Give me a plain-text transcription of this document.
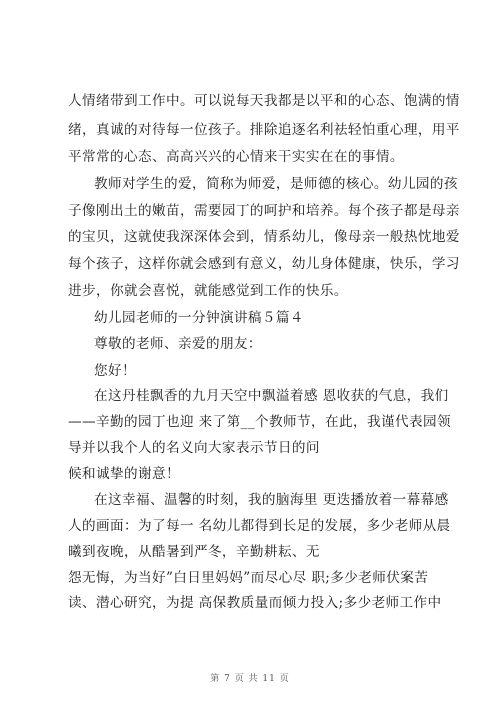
人情绪带到工作中。可以说每天我都是以平和的心态、饱满的情
绪，真诚的对待每一位孩子。排除追逐名利祛轻怕重心理，用平
平常常的心态、高高兴兴的心情来干实实在在的事情。
教师对学生的爱，简称为师爱，是师德的核心。幼儿园的孩
子像刚出土的嫩苗，需要园丁的呵护和培养。每个孩子都是母亲
的宝贝，这就使我深深体会到，情系幼儿，像母亲一般热忱地爱
每个孩子，这样你就会感到有意义，幼儿身体健康，快乐，学习
进步，你就会喜悦，就能感觉到工作的快乐。
幼儿园老师的一分钟演讲稿５篇４
尊敬的老师、亲爱的朋友：
您好！
在这丹桂飘香的九月天空中飘溢着感 恩收获的气息，我们
——辛勤的园丁也迎 来了第__个教师节，在此，我谨代表园领
导并以我个人的名义向大家表示节日的问
候和诚挚的谢意！
在这幸福、温馨的时刻，我的脑海里 更迭播放着一幕幕感
人的画面：为了每一 名幼儿都得到长足的发展，多少老师从晨
曦到夜晚，从酷暑到严冬，辛勤耕耘、无
怨无悔，为当好”白日里妈妈”而尽心尽 职;多少老师伏案苦
读、潜心研究，为提 高保教质量而倾力投入;多少老师工作中
第 7 页 共 11 页
